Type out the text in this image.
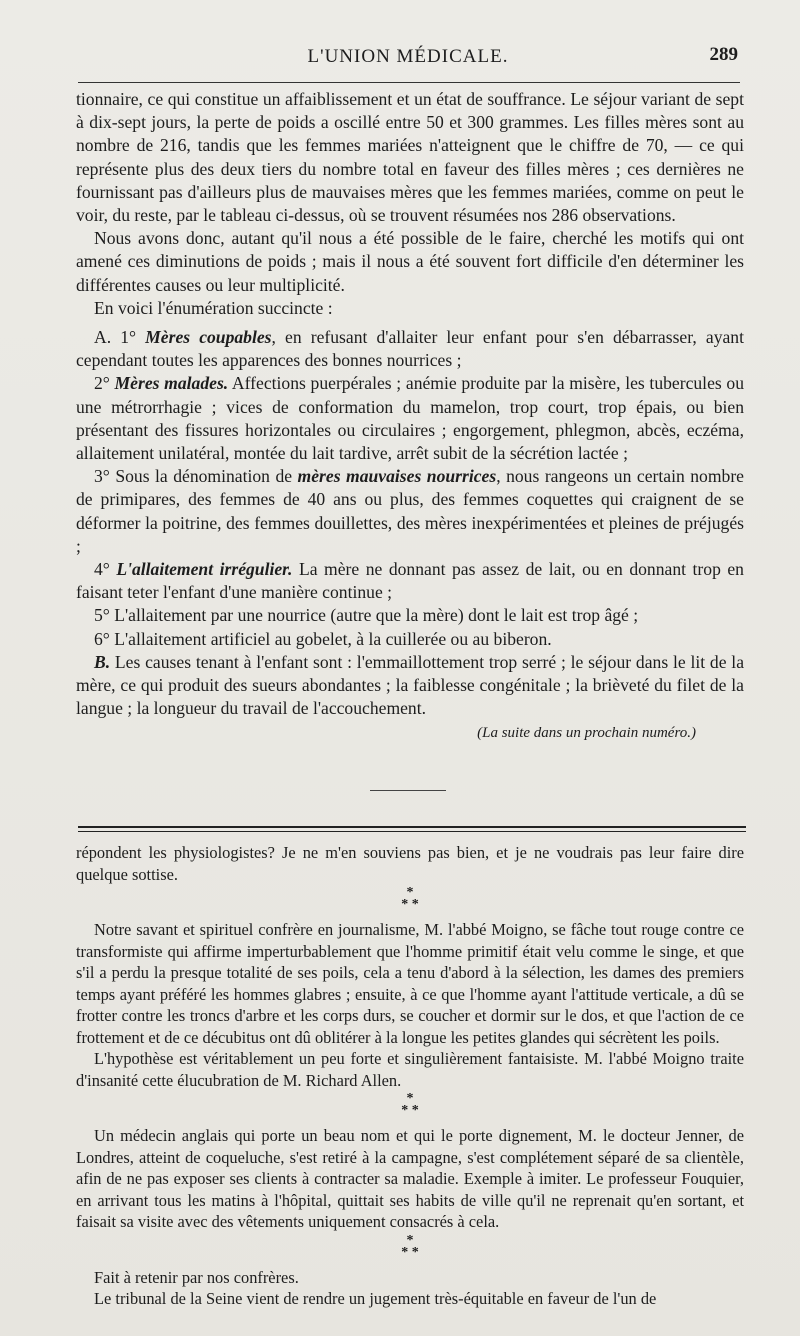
L'UNION MÉDICALE.	289

tionnaire, ce qui constitue un affaiblissement et un état de souffrance. Le séjour variant de sept à dix-sept jours, la perte de poids a oscillé entre 50 et 300 grammes. Les filles mères sont au nombre de 216, tandis que les femmes mariées n'atteignent que le chiffre de 70, — ce qui représente plus des deux tiers du nombre total en faveur des filles mères ; ces dernières ne fournissant pas d'ailleurs plus de mauvaises mères que les femmes mariées, comme on peut le voir, du reste, par le tableau ci-dessus, où se trouvent résumées nos 286 observations.

Nous avons donc, autant qu'il nous a été possible de le faire, cherché les motifs qui ont amené ces diminutions de poids ; mais il nous a été souvent fort difficile d'en déterminer les différentes causes ou leur multiplicité.

En voici l'énumération succincte :

A. 1° Mères coupables, en refusant d'allaiter leur enfant pour s'en débarrasser, ayant cependant toutes les apparences des bonnes nourrices ;

2° Mères malades. Affections puerpérales ; anémie produite par la misère, les tubercules ou une métrorrhagie ; vices de conformation du mamelon, trop court, trop épais, ou bien présentant des fissures horizontales ou circulaires ; engorgement, phlegmon, abcès, eczéma, allaitement unilatéral, montée du lait tardive, arrêt subit de la sécrétion lactée ;

3° Sous la dénomination de mères mauvaises nourrices, nous rangeons un certain nombre de primipares, des femmes de 40 ans ou plus, des femmes coquettes qui craignent de se déformer la poitrine, des femmes douillettes, des mères inexpérimentées et pleines de préjugés ;

4° L'allaitement irrégulier. La mère ne donnant pas assez de lait, ou en donnant trop en faisant teter l'enfant d'une manière continue ;

5° L'allaitement par une nourrice (autre que la mère) dont le lait est trop âgé ;

6° L'allaitement artificiel au gobelet, à la cuillerée ou au biberon.

B. Les causes tenant à l'enfant sont : l'emmaillottement trop serré ; le séjour dans le lit de la mère, ce qui produit des sueurs abondantes ; la faiblesse congénitale ; la brièveté du filet de la langue ; la longueur du travail de l'accouchement.

(La suite dans un prochain numéro.)

répondent les physiologistes? Je ne m'en souviens pas bien, et je ne voudrais pas leur faire dire quelque sottise.

*
* *

Notre savant et spirituel confrère en journalisme, M. l'abbé Moigno, se fâche tout rouge contre ce transformiste qui affirme imperturbablement que l'homme primitif était velu comme le singe, et que s'il a perdu la presque totalité de ses poils, cela a tenu d'abord à la sélection, les dames des premiers temps ayant préféré les hommes glabres ; ensuite, à ce que l'homme ayant l'attitude verticale, a dû se frotter contre les troncs d'arbre et les corps durs, se coucher et dormir sur le dos, et que l'action de ce frottement et de ce décubitus ont dû oblitérer à la longue les petites glandes qui sécrètent les poils.

L'hypothèse est véritablement un peu forte et singulièrement fantaisiste. M. l'abbé Moigno traite d'insanité cette élucubration de M. Richard Allen.

*
* *

Un médecin anglais qui porte un beau nom et qui le porte dignement, M. le docteur Jenner, de Londres, atteint de coqueluche, s'est retiré à la campagne, s'est complétement séparé de sa clientèle, afin de ne pas exposer ses clients à contracter sa maladie. Exemple à imiter. Le professeur Fouquier, en arrivant tous les matins à l'hôpital, quittait ses habits de ville qu'il ne reprenait qu'en sortant, et faisait sa visite avec des vêtements uniquement consacrés à cela.

*
* *

Fait à retenir par nos confrères.

Le tribunal de la Seine vient de rendre un jugement très-équitable en faveur de l'un de
